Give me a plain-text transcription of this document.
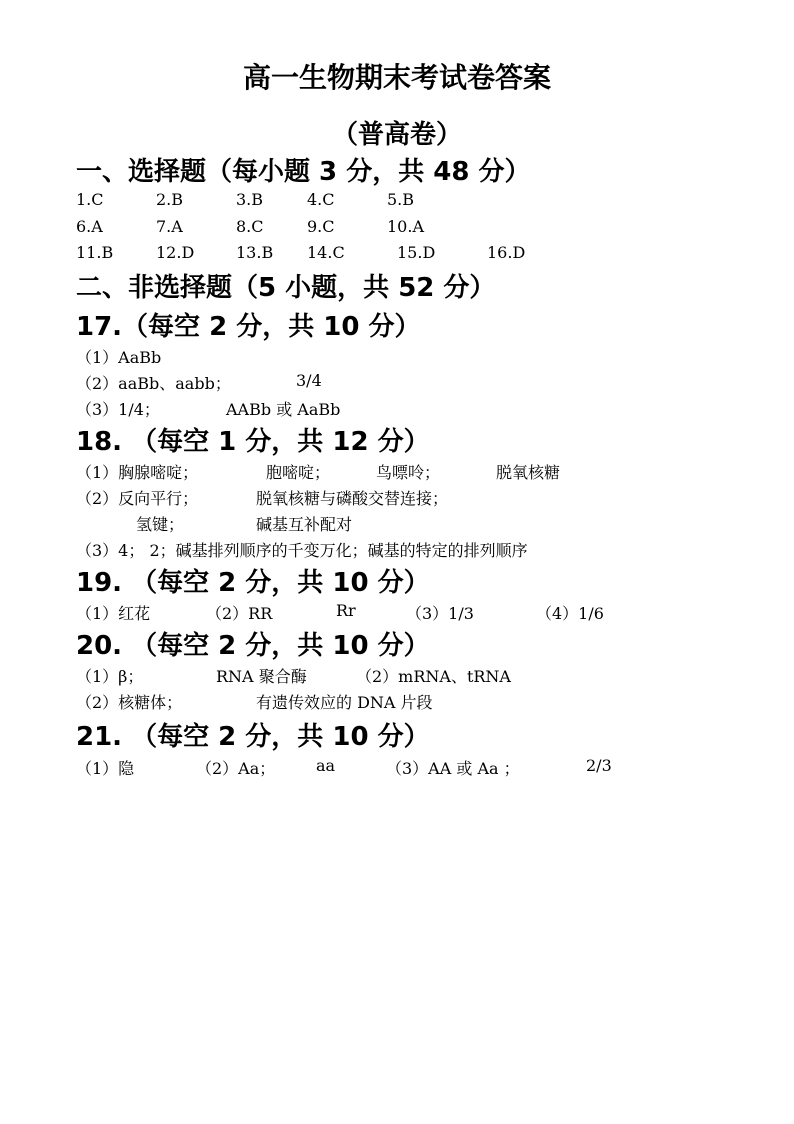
高一生物期末考试卷答案
（普高卷）
一、选择题（每小题 3 分，共 48 分）
1.C	2.B	3.B	4.C	5.B
6.A	7.A	8.C	9.C	10.A
11.B	12.D	13.B 14.C	15.D	16.D
二、非选择题（5 小题，共 52 分）
17.（每空 2 分，共 10 分）
（1）AaBb
（2）aaBb、aabb；	3/4
（3）1/4；	AABb 或 AaBb
18. （每空 1 分，共 12 分）
（1）胸腺嘧啶；	胞嘧啶；	鸟嘌呤；	脱氧核糖
（2）反向平行；	脱氧核糖与磷酸交替连接；
氢键；	碱基互补配对
（3）4； 2；碱基排列顺序的千变万化；碱基的特定的排列顺序
19. （每空 2 分，共 10 分）
（1）红花	（2）RR	Rr	（3）1/3	（4）1/6
20. （每空 2 分，共 10 分）
（1）β；	RNA 聚合酶	（2）mRNA、tRNA
（2）核糖体；	有遗传效应的 DNA 片段
21. （每空 2 分，共 10 分）
（1）隐	（2）Aa；	aa	（3）AA 或 Aa ；	2/3
